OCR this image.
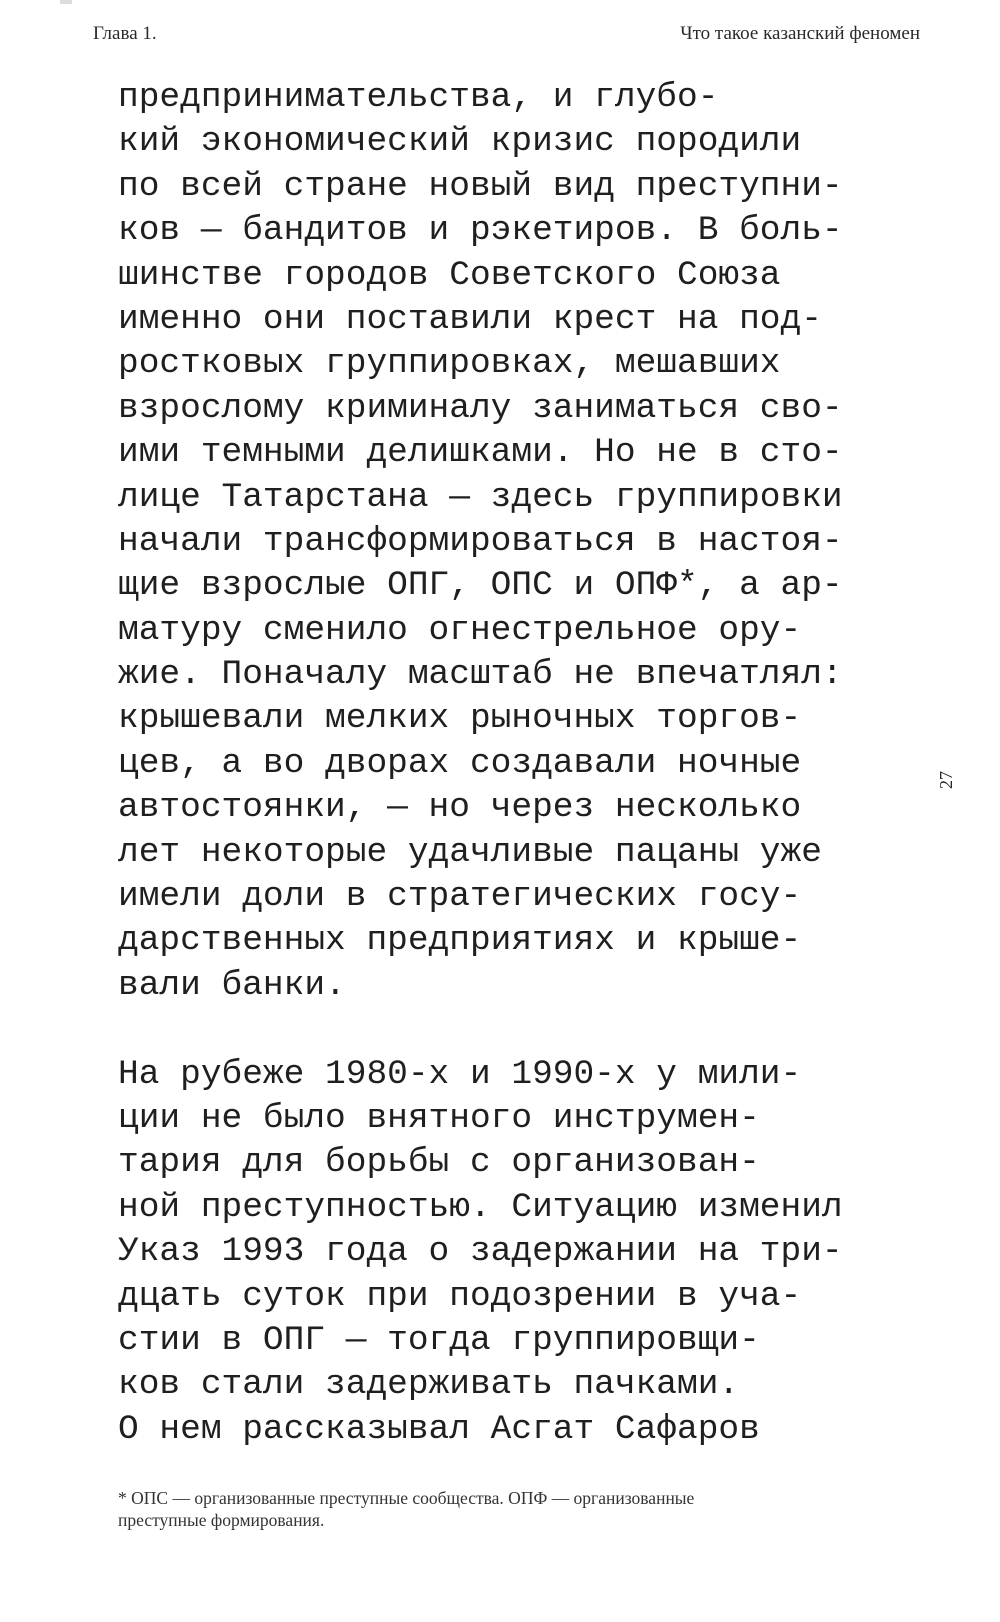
Глава 1.	Что такое казанский феномен
предпринимательства, и глубо-
кий экономический кризис породили
по всей стране новый вид преступни-
ков — бандитов и рэкетиров. В боль-
шинстве городов Советского Союза
именно они поставили крест на под-
ростковых группировках, мешавших
взрослому криминалу заниматься сво-
ими темными делишками. Но не в сто-
лице Татарстана — здесь группировки
начали трансформироваться в настоя-
щие взрослые ОПГ, ОПС и ОПФ*, а ар-
матуру сменило огнестрельное ору-
жие. Поначалу масштаб не впечатлял:
крышевали мелких рыночных торгов-
цев, а во дворах создавали ночные
автостоянки, — но через несколько
лет некоторые удачливые пацаны уже
имели доли в стратегических госу-
дарственных предприятиях и крыше-
вали банки.
На рубеже 1980-х и 1990-х у мили-
ции не было внятного инструмен-
тария для борьбы с организован-
ной преступностью. Ситуацию изменил
Указ 1993 года о задержании на три-
дцать суток при подозрении в уча-
стии в ОПГ — тогда группировщи-
ков стали задерживать пачками.
О нем рассказывал Асгат Сафаров
27
* ОПС — организованные преступные сообщества. ОПФ — организованные
преступные формирования.
